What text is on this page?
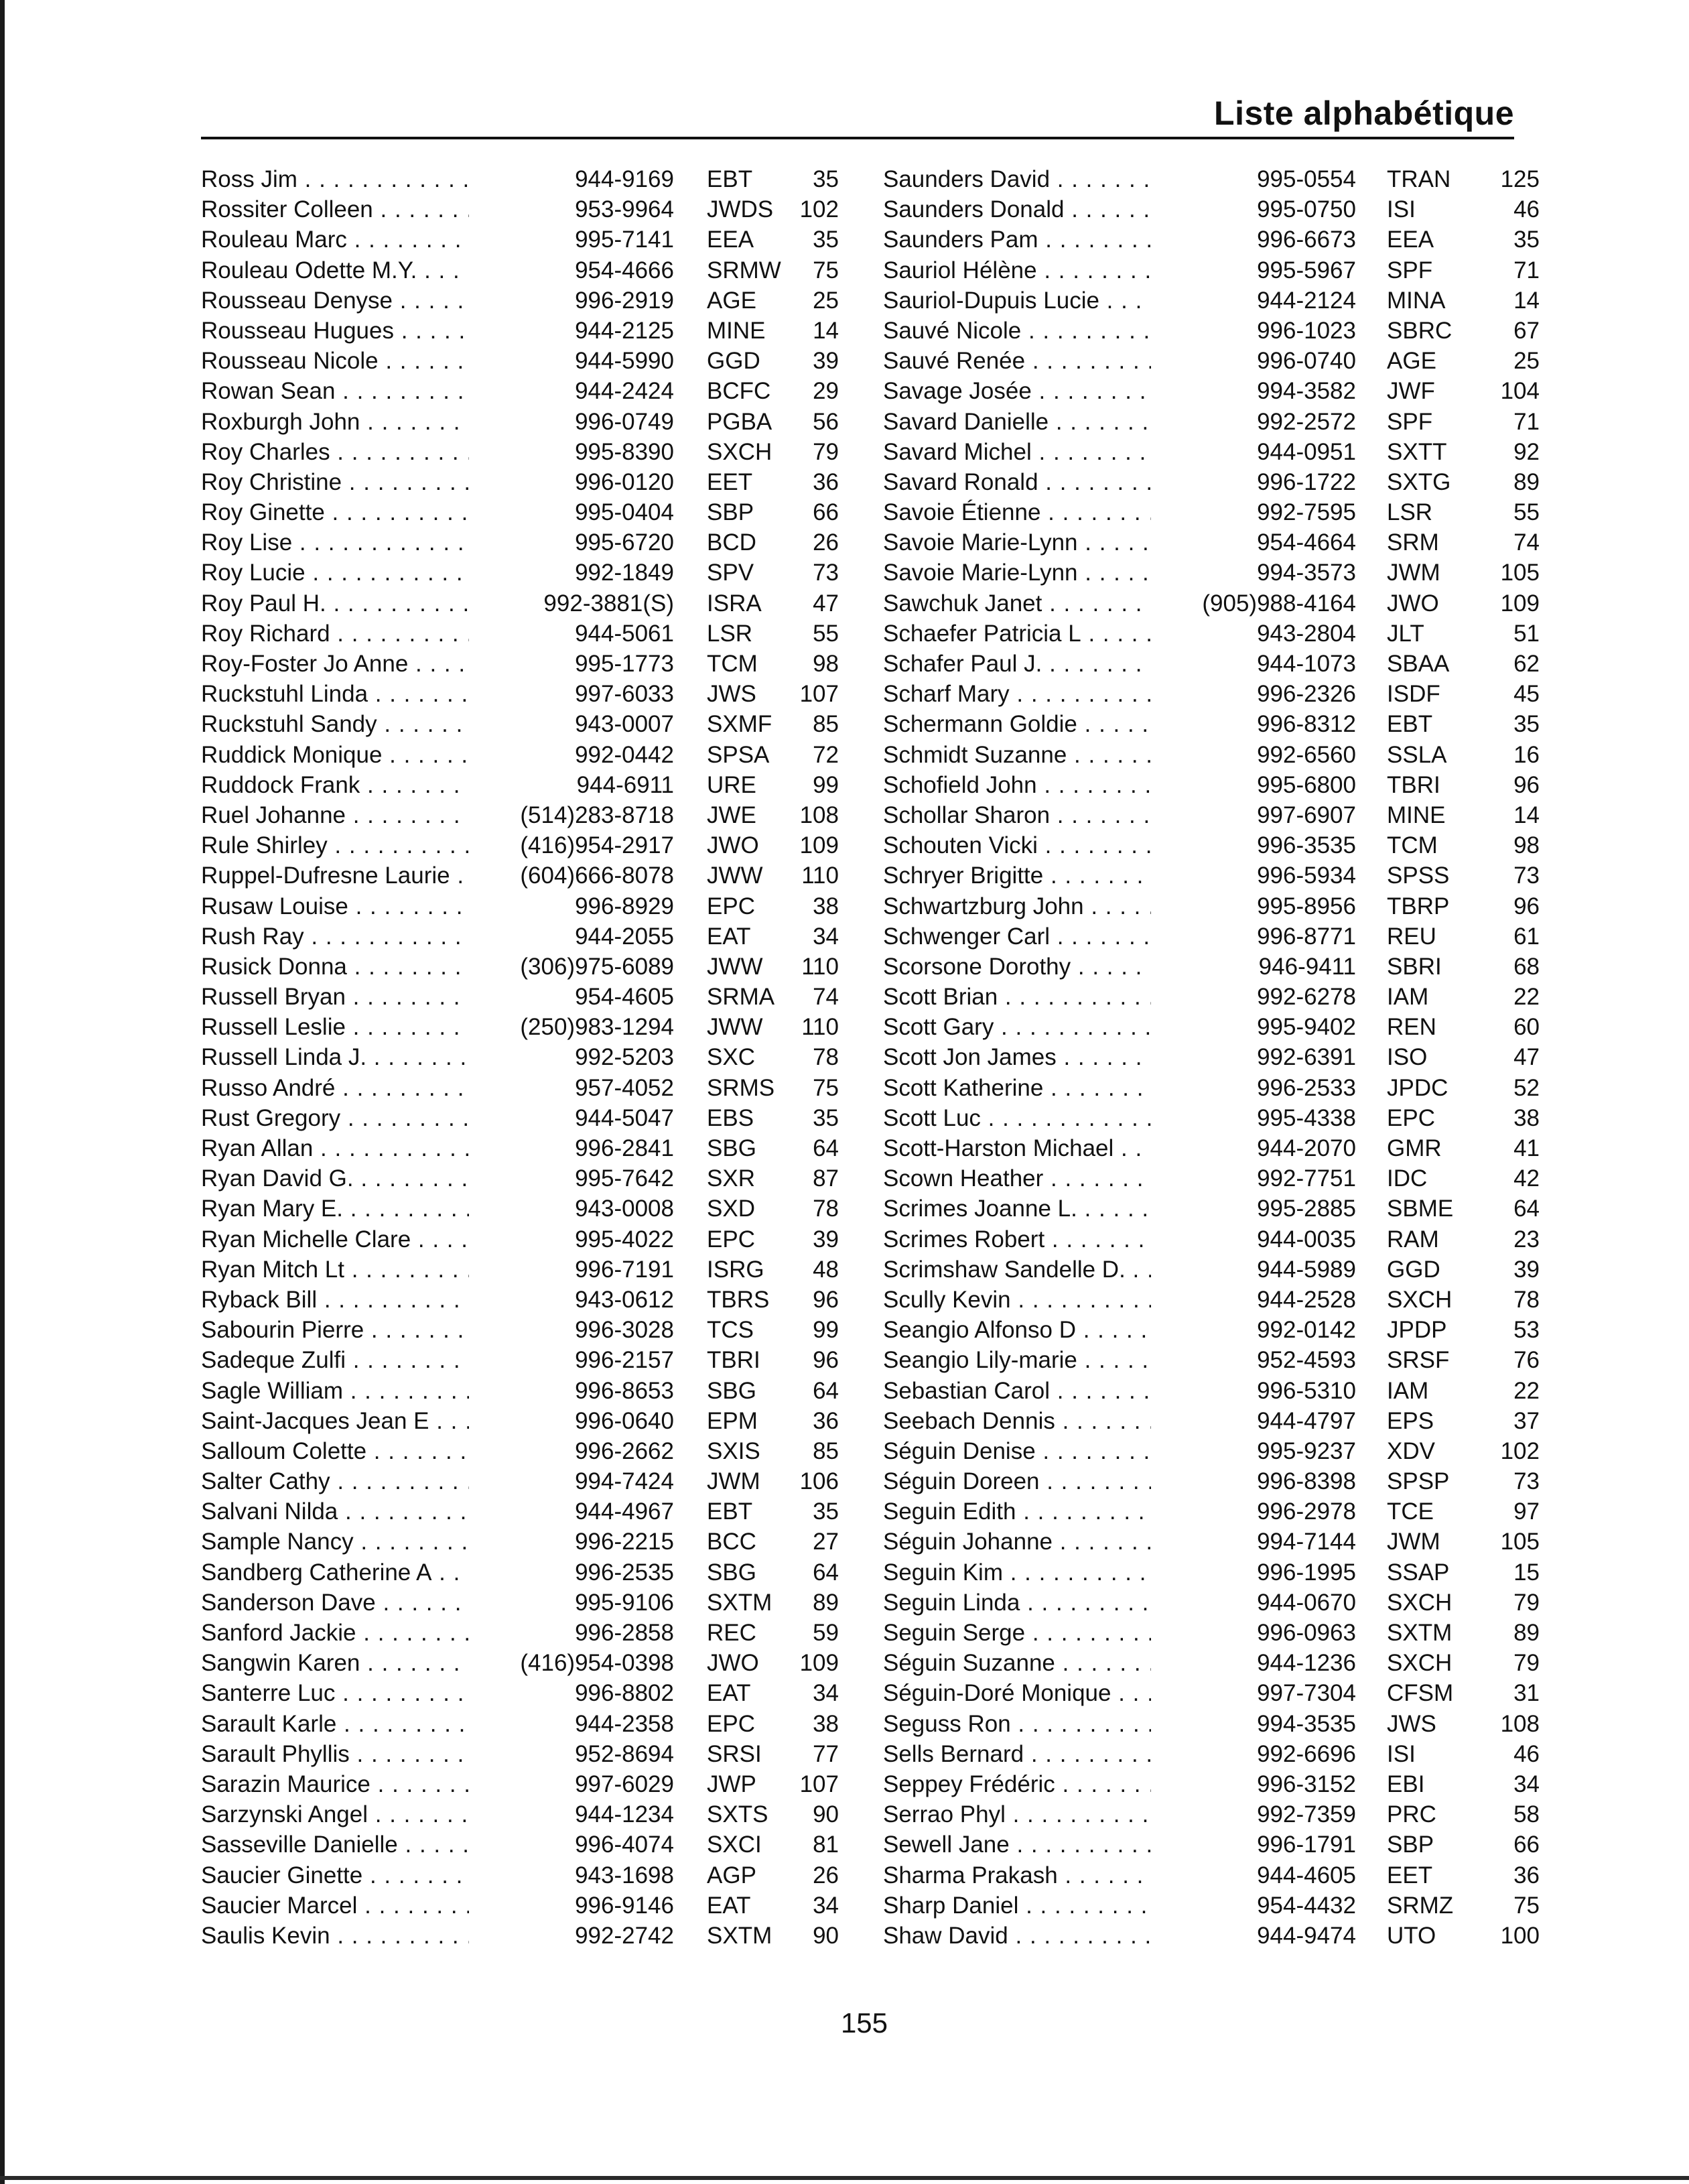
Liste alphabétique
Ross Jim . . .	944-9169 EBT	35
Rossiter Colleen . . .	953-9964 JWDS	102
Rouleau Marc . . .	995-7141 EEA	35
Rouleau Odette M.Y. . . .	954-4666 SRMW	75
Rousseau Denyse . . .	996-2919 AGE	25
Rousseau Hugues . . .	944-2125 MINE	14
Rousseau Nicole . . .	944-5990 GGD	39
Rowan Sean . . .	944-2424 BCFC	29
Roxburgh John . . .	996-0749 PGBA	56
Roy Charles . . .	995-8390 SXCH	79
Roy Christine . . .	996-0120 EET	36
Roy Ginette . . .	995-0404 SBP	66
Roy Lise . . .	995-6720 BCD	26
Roy Lucie . . .	992-1849 SPV	73
Roy Paul H. . . .	992-3881(S) ISRA	47
Roy Richard . . .	944-5061 LSR	55
Roy-Foster Jo Anne . . .	995-1773 TCM	98
Ruckstuhl Linda . . .	997-6033 JWS	107
Ruckstuhl Sandy . . .	943-0007 SXMF	85
Ruddick Monique . . .	992-0442 SPSA	72
Ruddock Frank . . .	944-6911 URE	99
Ruel Johanne . . .	(514)283-8718 JWE	108
Rule Shirley . . .	(416)954-2917 JWO	109
Ruppel-Dufresne Laurie . . .	(604)666-8078 JWW	110
Rusaw Louise . . .	996-8929 EPC	38
Rush Ray . . .	944-2055 EAT	34
Rusick Donna . . .	(306)975-6089 JWW	110
Russell Bryan . . .	954-4605 SRMA	74
Russell Leslie . . .	(250)983-1294 JWW	110
Russell Linda J. . . .	992-5203 SXC	78
Russo André . . .	957-4052 SRMS	75
Rust Gregory . . .	944-5047 EBS	35
Ryan Allan . . .	996-2841 SBG	64
Ryan David G. . . .	995-7642 SXR	87
Ryan Mary E. . . .	943-0008 SXD	78
Ryan Michelle Clare . . .	995-4022 EPC	39
Ryan Mitch Lt . . .	996-7191 ISRG	48
Ryback Bill . . .	943-0612 TBRS	96
Sabourin Pierre . . .	996-3028 TCS	99
Sadeque Zulfi . . .	996-2157 TBRI	96
Sagle William . . .	996-8653 SBG	64
Saint-Jacques Jean E . . .	996-0640 EPM	36
Salloum Colette . . .	996-2662 SXIS	85
Salter Cathy . . .	994-7424 JWM	106
Salvani Nilda . . .	944-4967 EBT	35
Sample Nancy . . .	996-2215 BCC	27
Sandberg Catherine A . . .	996-2535 SBG	64
Sanderson Dave . . .	995-9106 SXTM	89
Sanford Jackie . . .	996-2858 REC	59
Sangwin Karen . . .	(416)954-0398 JWO	109
Santerre Luc . . .	996-8802 EAT	34
Sarault Karle . . .	944-2358 EPC	38
Sarault Phyllis . . .	952-8694 SRSI	77
Sarazin Maurice . . .	997-6029 JWP	107
Sarzynski Angel . . .	944-1234 SXTS	90
Sasseville Danielle . . .	996-4074 SXCI	81
Saucier Ginette . . .	943-1698 AGP	26
Saucier Marcel . . .	996-9146 EAT	34
Saulis Kevin . . .	992-2742 SXTM	90
Saunders David . . .	995-0554 TRAN	125
Saunders Donald . . .	995-0750 ISI	46
Saunders Pam . . .	996-6673 EEA	35
Sauriol Hélène . . .	995-5967 SPF	71
Sauriol-Dupuis Lucie . . .	944-2124 MINA	14
Sauvé Nicole . . .	996-1023 SBRC	67
Sauvé Renée . . .	996-0740 AGE	25
Savage Josée . . .	994-3582 JWF	104
Savard Danielle . . .	992-2572 SPF	71
Savard Michel . . .	944-0951 SXTT	92
Savard Ronald . . .	996-1722 SXTG	89
Savoie Étienne . . .	992-7595 LSR	55
Savoie Marie-Lynn . . .	954-4664 SRM	74
Savoie Marie-Lynn . . .	994-3573 JWM	105
Sawchuk Janet . . .	(905)988-4164 JWO	109
Schaefer Patricia L . . .	943-2804 JLT	51
Schafer Paul J. . . .	944-1073 SBAA	62
Scharf Mary . . .	996-2326 ISDF	45
Schermann Goldie . . .	996-8312 EBT	35
Schmidt Suzanne . . .	992-6560 SSLA	16
Schofield John . . .	995-6800 TBRI	96
Schollar Sharon . . .	997-6907 MINE	14
Schouten Vicki . . .	996-3535 TCM	98
Schryer Brigitte . . .	996-5934 SPSS	73
Schwartzburg John . . .	995-8956 TBRP	96
Schwenger Carl . . .	996-8771 REU	61
Scorsone Dorothy . . .	946-9411 SBRI	68
Scott Brian . . .	992-6278 IAM	22
Scott Gary . . .	995-9402 REN	60
Scott Jon James . . .	992-6391 ISO	47
Scott Katherine . . .	996-2533 JPDC	52
Scott Luc . . .	995-4338 EPC	38
Scott-Harston Michael . . .	944-2070 GMR	41
Scown Heather . . .	992-7751 IDC	42
Scrimes Joanne L. . . .	995-2885 SBME	64
Scrimes Robert . . .	944-0035 RAM	23
Scrimshaw Sandelle D. . . .	944-5989 GGD	39
Scully Kevin . . .	944-2528 SXCH	78
Seangio Alfonso D . . .	992-0142 JPDP	53
Seangio Lily-marie . . .	952-4593 SRSF	76
Sebastian Carol . . .	996-5310 IAM	22
Seebach Dennis . . .	944-4797 EPS	37
Séguin Denise . . .	995-9237 XDV	102
Séguin Doreen . . .	996-8398 SPSP	73
Seguin Edith . . .	996-2978 TCE	97
Séguin Johanne . . .	994-7144 JWM	105
Seguin Kim . . .	996-1995 SSAP	15
Seguin Linda . . .	944-0670 SXCH	79
Seguin Serge . . .	996-0963 SXTM	89
Séguin Suzanne . . .	944-1236 SXCH	79
Séguin-Doré Monique . . .	997-7304 CFSM	31
Seguss Ron . . .	994-3535 JWS	108
Sells Bernard . . .	992-6696 ISI	46
Seppey Frédéric . . .	996-3152 EBI	34
Serrao Phyl . . .	992-7359 PRC	58
Sewell Jane . . .	996-1791 SBP	66
Sharma Prakash . . .	944-4605 EET	36
Sharp Daniel . . .	954-4432 SRMZ	75
Shaw David . . .	944-9474 UTO	100
155
